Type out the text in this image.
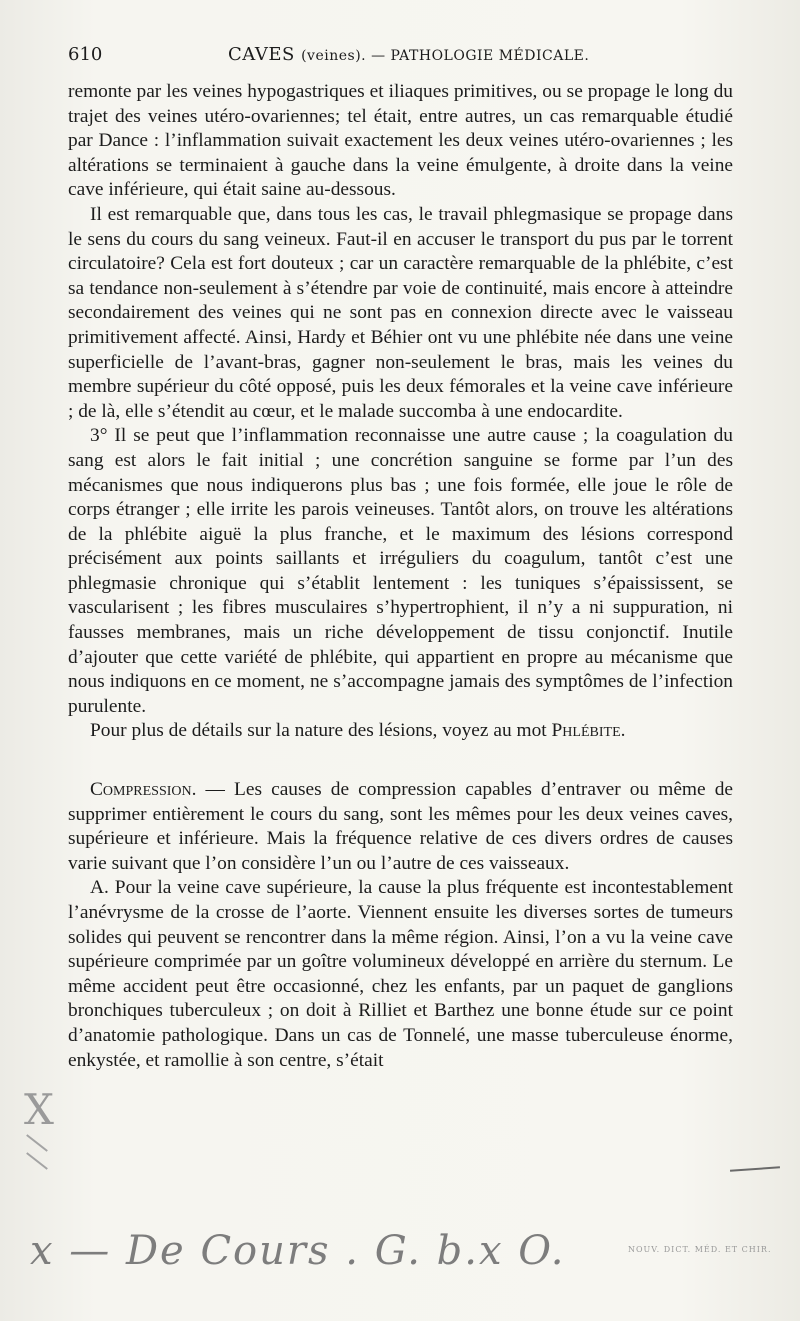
610	CAVES (veines). — PATHOLOGIE MÉDICALE.

remonte par les veines hypogastriques et iliaques primitives, ou se propage le long du trajet des veines utéro-ovariennes; tel était, entre autres, un cas remarquable étudié par Dance : l’inflammation suivait exactement les deux veines utéro-ovariennes ; les altérations se terminaient à gauche dans la veine émulgente, à droite dans la veine cave inférieure, qui était saine au-dessous.

Il est remarquable que, dans tous les cas, le travail phlegmasique se propage dans le sens du cours du sang veineux. Faut-il en accuser le transport du pus par le torrent circulatoire? Cela est fort douteux ; car un caractère remarquable de la phlébite, c’est sa tendance non-seulement à s’étendre par voie de continuité, mais encore à atteindre secondairement des veines qui ne sont pas en connexion directe avec le vaisseau primitivement affecté. Ainsi, Hardy et Béhier ont vu une phlébite née dans une veine superficielle de l’avant-bras, gagner non-seulement le bras, mais les veines du membre supérieur du côté opposé, puis les deux fémorales et la veine cave inférieure ; de là, elle s’étendit au cœur, et le malade succomba à une endocardite.

3° Il se peut que l’inflammation reconnaisse une autre cause ; la coagulation du sang est alors le fait initial ; une concrétion sanguine se forme par l’un des mécanismes que nous indiquerons plus bas ; une fois formée, elle joue le rôle de corps étranger ; elle irrite les parois veineuses. Tantôt alors, on trouve les altérations de la phlébite aiguë la plus franche, et le maximum des lésions correspond précisément aux points saillants et irréguliers du coagulum, tantôt c’est une phlegmasie chronique qui s’établit lentement : les tuniques s’épaississent, se vascularisent ; les fibres musculaires s’hypertrophient, il n’y a ni suppuration, ni fausses membranes, mais un riche développement de tissu conjonctif. Inutile d’ajouter que cette variété de phlébite, qui appartient en propre au mécanisme que nous indiquons en ce moment, ne s’accompagne jamais des symptômes de l’infection purulente.

Pour plus de détails sur la nature des lésions, voyez au mot Phlébite.

Compression. — Les causes de compression capables d’entraver ou même de supprimer entièrement le cours du sang, sont les mêmes pour les deux veines caves, supérieure et inférieure. Mais la fréquence relative de ces divers ordres de causes varie suivant que l’on considère l’un ou l’autre de ces vaisseaux.

A. Pour la veine cave supérieure, la cause la plus fréquente est incontestablement l’anévrysme de la crosse de l’aorte. Viennent ensuite les diverses sortes de tumeurs solides qui peuvent se rencontrer dans la même région. Ainsi, l’on a vu la veine cave supérieure comprimée par un goître volumineux développé en arrière du sternum. Le même accident peut être occasionné, chez les enfants, par un paquet de ganglions bronchiques tuberculeux ; on doit à Rilliet et Barthez une bonne étude sur ce point d’anatomie pathologique. Dans un cas de Tonnelé, une masse tuberculeuse énorme, enkystée, et ramollie à son centre, s’était

X
x — De Cours . G. b.x O.	NOUV. DICT. MÉD. ET CHIR.
